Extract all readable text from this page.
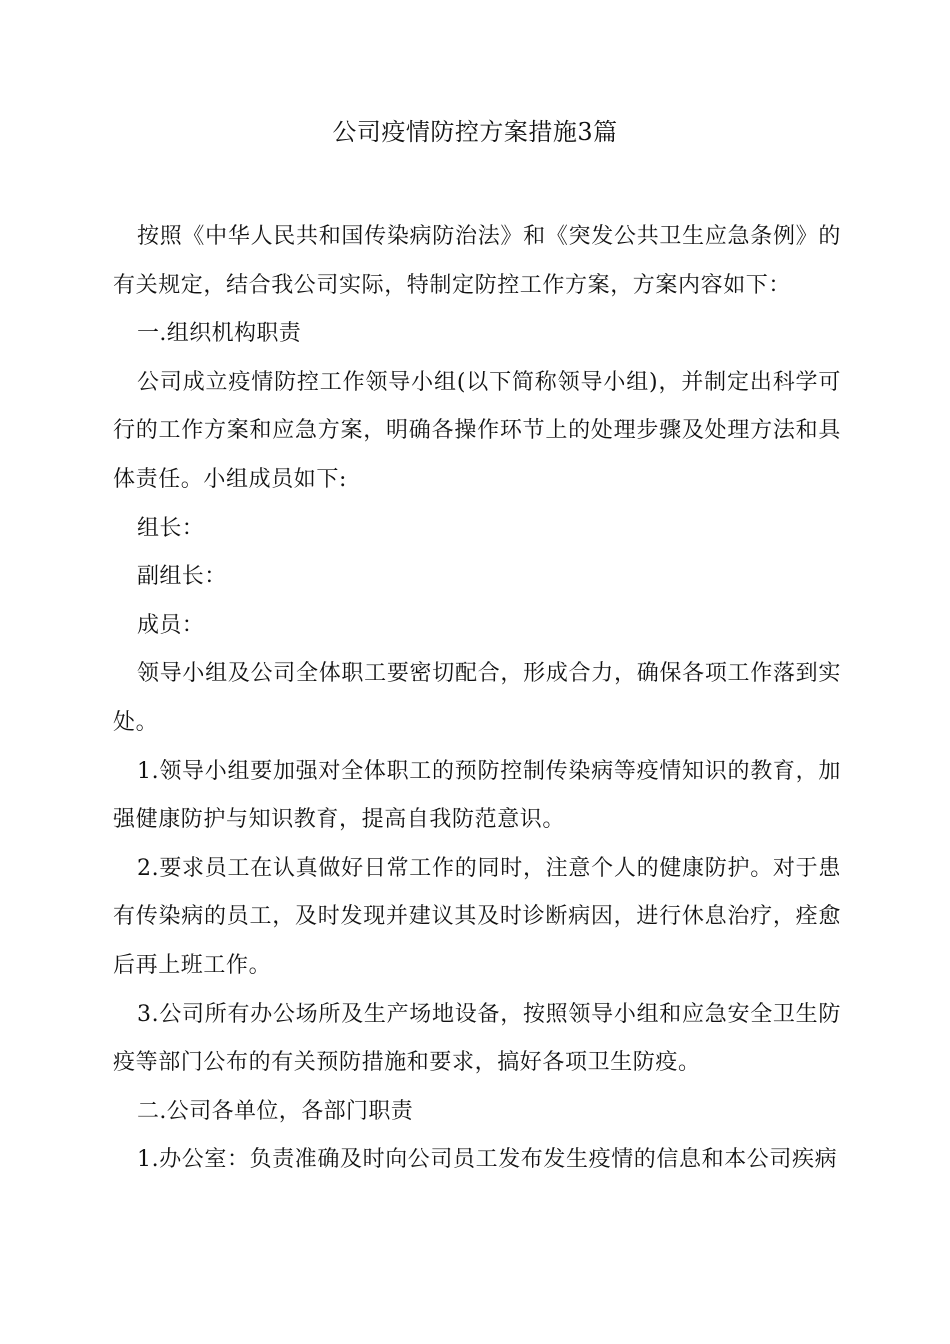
公司疫情防控方案措施3篇

按照《中华人民共和国传染病防治法》和《突发公共卫生应急条例》的有关规定，结合我公司实际，特制定防控工作方案，方案内容如下：

一.组织机构职责

公司成立疫情防控工作领导小组(以下简称领导小组)，并制定出科学可行的工作方案和应急方案，明确各操作环节上的处理步骤及处理方法和具体责任。小组成员如下:

组长：

副组长：

成员：

领导小组及公司全体职工要密切配合，形成合力，确保各项工作落到实处。

1.领导小组要加强对全体职工的预防控制传染病等疫情知识的教育，加强健康防护与知识教育，提高自我防范意识。

2.要求员工在认真做好日常工作的同时，注意个人的健康防护。对于患有传染病的员工，及时发现并建议其及时诊断病因，进行休息治疗，痊愈后再上班工作。

3.公司所有办公场所及生产场地设备，按照领导小组和应急安全卫生防疫等部门公布的有关预防措施和要求，搞好各项卫生防疫。

二.公司各单位，各部门职责

1.办公室：负责准确及时向公司员工发布发生疫情的信息和本公司疾病
